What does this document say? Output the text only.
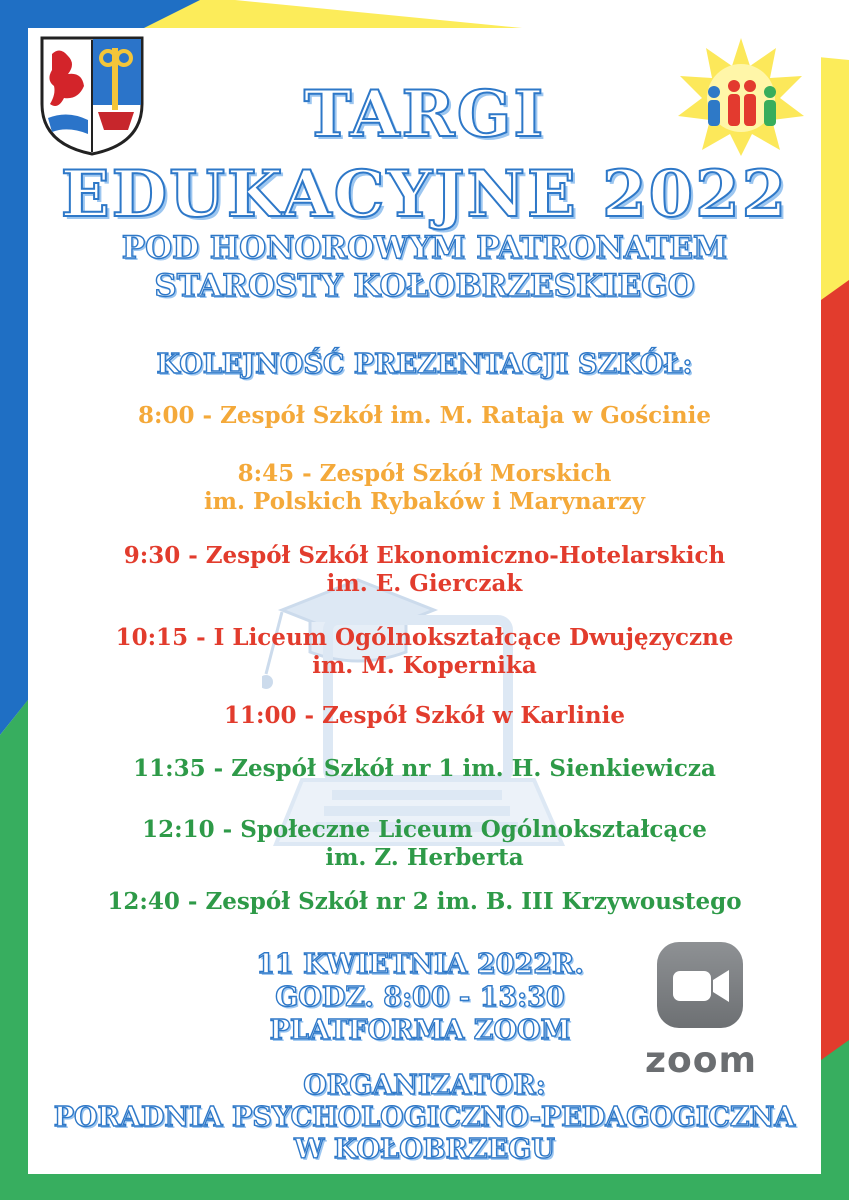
TARGI
EDUKACYJNE 2022
POD HONOROWYM PATRONATEM
STAROSTY KOŁOBRZESKIEGO
KOLEJNOŚĆ PREZENTACJI SZKÓŁ:
8:00 - Zespół Szkół im. M. Rataja w Gościnie
8:45 - Zespół Szkół Morskich
im. Polskich Rybaków i Marynarzy
9:30 - Zespół Szkół Ekonomiczno-Hotelarskich
im. E. Gierczak
10:15 - I Liceum Ogólnokształcące Dwujęzyczne
im. M. Kopernika
11:00 - Zespół Szkół w Karlinie
11:35 - Zespół Szkół nr 1 im. H. Sienkiewicza
12:10 - Społeczne Liceum Ogólnokształcące
im. Z. Herberta
12:40 - Zespół Szkół nr 2 im. B. III Krzywoustego
11 KWIETNIA 2022R.
GODZ. 8:00 - 13:30
PLATFORMA ZOOM
zoom
ORGANIZATOR:
PORADNIA PSYCHOLOGICZNO-PEDAGOGICZNA
W KOŁOBRZEGU
